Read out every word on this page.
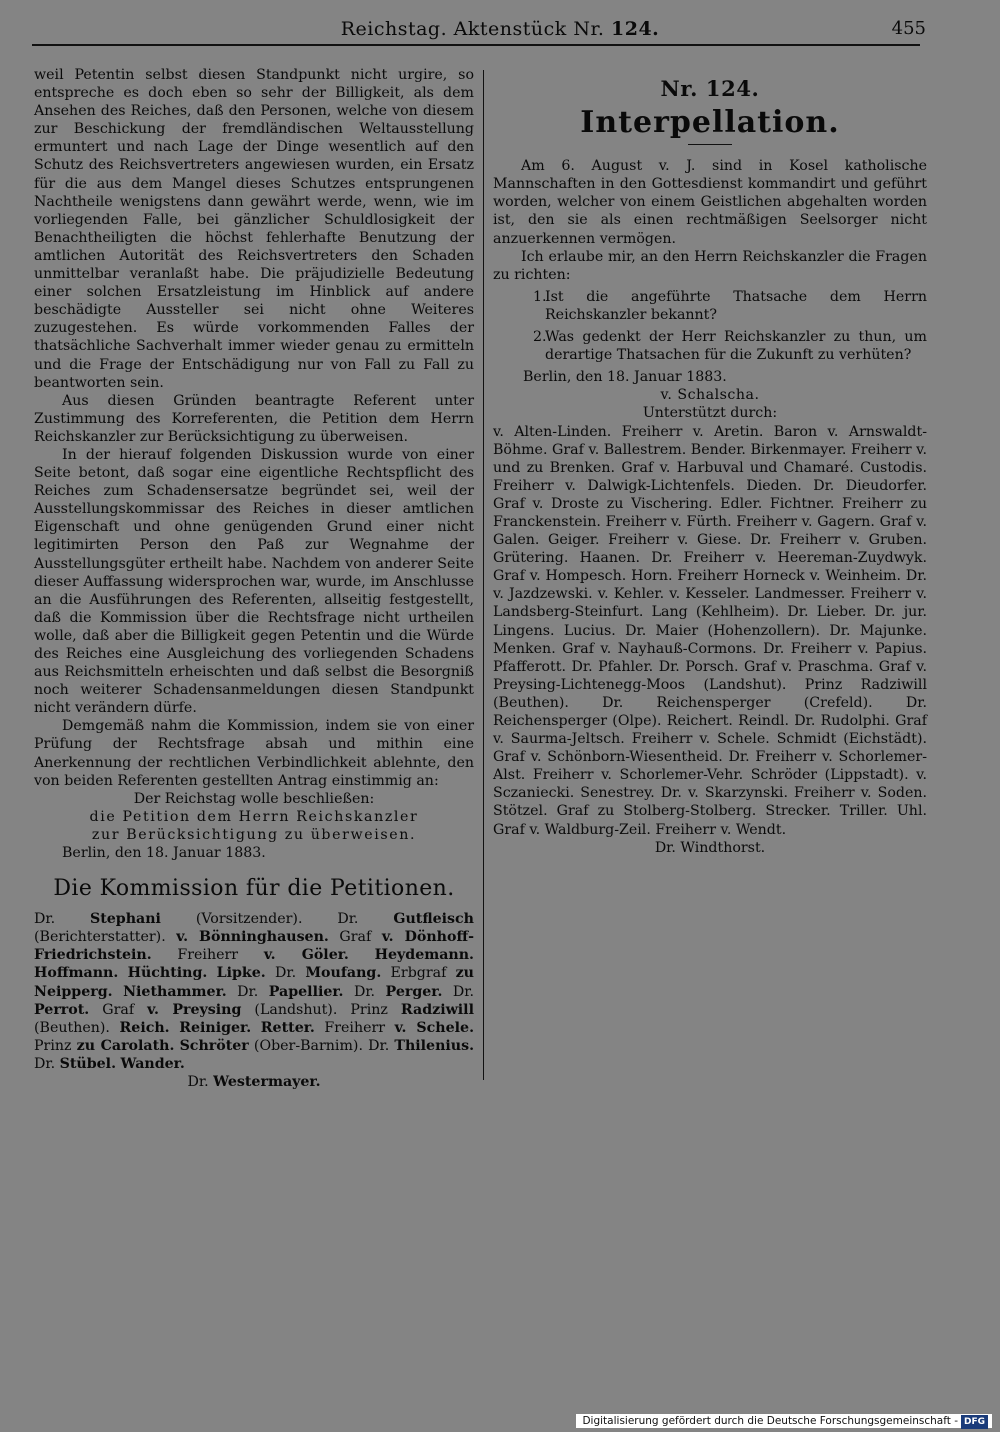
Reichstag. Aktenstück Nr. 124.	455

weil Petentin selbst diesen Standpunkt nicht urgire, so entspreche es doch eben so sehr der Billigkeit, als dem Ansehen des Reiches, daß den Personen, welche von diesem zur Beschickung der fremdländischen Weltausstellung ermuntert und nach Lage der Dinge wesentlich auf den Schutz des Reichsvertreters angewiesen wurden, ein Ersatz für die aus dem Mangel dieses Schutzes entsprungenen Nachtheile wenigstens dann gewährt werde, wenn, wie im vorliegenden Falle, bei gänzlicher Schuldlosigkeit der Benachtheiligten die höchst fehlerhafte Benutzung der amtlichen Autorität des Reichsvertreters den Schaden unmittelbar veranlaßt habe. Die präjudizielle Bedeutung einer solchen Ersatzleistung im Hinblick auf andere beschädigte Aussteller sei nicht ohne Weiteres zuzugestehen. Es würde vorkommenden Falles der thatsächliche Sachverhalt immer wieder genau zu ermitteln und die Frage der Entschädigung nur von Fall zu Fall zu beantworten sein.

Aus diesen Gründen beantragte Referent unter Zustimmung des Korreferenten, die Petition dem Herrn Reichskanzler zur Berücksichtigung zu überweisen.

In der hierauf folgenden Diskussion wurde von einer Seite betont, daß sogar eine eigentliche Rechtspflicht des Reiches zum Schadensersatze begründet sei, weil der Ausstellungskommissar des Reiches in dieser amtlichen Eigenschaft und ohne genügenden Grund einer nicht legitimirten Person den Paß zur Wegnahme der Ausstellungsgüter ertheilt habe. Nachdem von anderer Seite dieser Auffassung widersprochen war, wurde, im Anschlusse an die Ausführungen des Referenten, allseitig festgestellt, daß die Kommission über die Rechtsfrage nicht urtheilen wolle, daß aber die Billigkeit gegen Petentin und die Würde des Reiches eine Ausgleichung des vorliegenden Schadens aus Reichsmitteln erheischten und daß selbst die Besorgniß noch weiterer Schadensanmeldungen diesen Standpunkt nicht verändern dürfe.

Demgemäß nahm die Kommission, indem sie von einer Prüfung der Rechtsfrage absah und mithin eine Anerkennung der rechtlichen Verbindlichkeit ablehnte, den von beiden Referenten gestellten Antrag einstimmig an:

Der Reichstag wolle beschließen:

die Petition dem Herrn Reichskanzler

zur Berücksichtigung zu überweisen.

Berlin, den 18. Januar 1883.

Die Kommission für die Petitionen.

Dr. Stephani (Vorsitzender). Dr. Gutfleisch (Berichterstatter). v. Bönninghausen. Graf v. Dönhoff-Friedrichstein. Freiherr v. Göler. Heydemann. Hoffmann. Hüchting. Lipke. Dr. Moufang. Erbgraf zu Neipperg. Niethammer. Dr. Papellier. Dr. Perger. Dr. Perrot. Graf v. Preysing (Landshut). Prinz Radziwill (Beuthen). Reich. Reiniger. Retter. Freiherr v. Schele. Prinz zu Carolath. Schröter (Ober-Barnim). Dr. Thilenius. Dr. Stübel. Wander.

Dr. Westermayer.

Nr. 124.
Interpellation.

Am 6. August v. J. sind in Kosel katholische Mannschaften in den Gottesdienst kommandirt und geführt worden, welcher von einem Geistlichen abgehalten worden ist, den sie als einen rechtmäßigen Seelsorger nicht anzuerkennen vermögen.

Ich erlaube mir, an den Herrn Reichskanzler die Fragen zu richten:

1.
Ist die angeführte Thatsache dem Herrn Reichskanzler bekannt?
2.
Was gedenkt der Herr Reichskanzler zu thun, um derartige Thatsachen für die Zukunft zu verhüten?

Berlin, den 18. Januar 1883.

v. Schalscha.

Unterstützt durch:

v. Alten-Linden. Freiherr v. Aretin. Baron v. Arnswaldt-Böhme. Graf v. Ballestrem. Bender. Birkenmayer. Freiherr v. und zu Brenken. Graf v. Harbuval und Chamaré. Custodis. Freiherr v. Dalwigk-Lichtenfels. Dieden. Dr. Dieudorfer. Graf v. Droste zu Vischering. Edler. Fichtner. Freiherr zu Franckenstein. Freiherr v. Fürth. Freiherr v. Gagern. Graf v. Galen. Geiger. Freiherr v. Giese. Dr. Freiherr v. Gruben. Grütering. Haanen. Dr. Freiherr v. Heereman-Zuydwyk. Graf v. Hompesch. Horn. Freiherr Horneck v. Weinheim. Dr. v. Jazdzewski. v. Kehler. v. Kesseler. Landmesser. Freiherr v. Landsberg-Steinfurt. Lang (Kehlheim). Dr. Lieber. Dr. jur. Lingens. Lucius. Dr. Maier (Hohenzollern). Dr. Majunke. Menken. Graf v. Nayhauß-Cormons. Dr. Freiherr v. Papius. Pfafferott. Dr. Pfahler. Dr. Porsch. Graf v. Praschma. Graf v. Preysing-Lichtenegg-Moos (Landshut). Prinz Radziwill (Beuthen). Dr. Reichensperger (Crefeld). Dr. Reichensperger (Olpe). Reichert. Reindl. Dr. Rudolphi. Graf v. Saurma-Jeltsch. Freiherr v. Schele. Schmidt (Eichstädt). Graf v. Schönborn-Wiesentheid. Dr. Freiherr v. Schorlemer-Alst. Freiherr v. Schorlemer-Vehr. Schröder (Lippstadt). v. Sczaniecki. Senestrey. Dr. v. Skarzynski. Freiherr v. Soden. Stötzel. Graf zu Stolberg-Stolberg. Strecker. Triller. Uhl. Graf v. Waldburg-Zeil. Freiherr v. Wendt.

Dr. Windthorst.

Digitalisierung gefördert durch die Deutsche Forschungsgemeinschaft - DFG
